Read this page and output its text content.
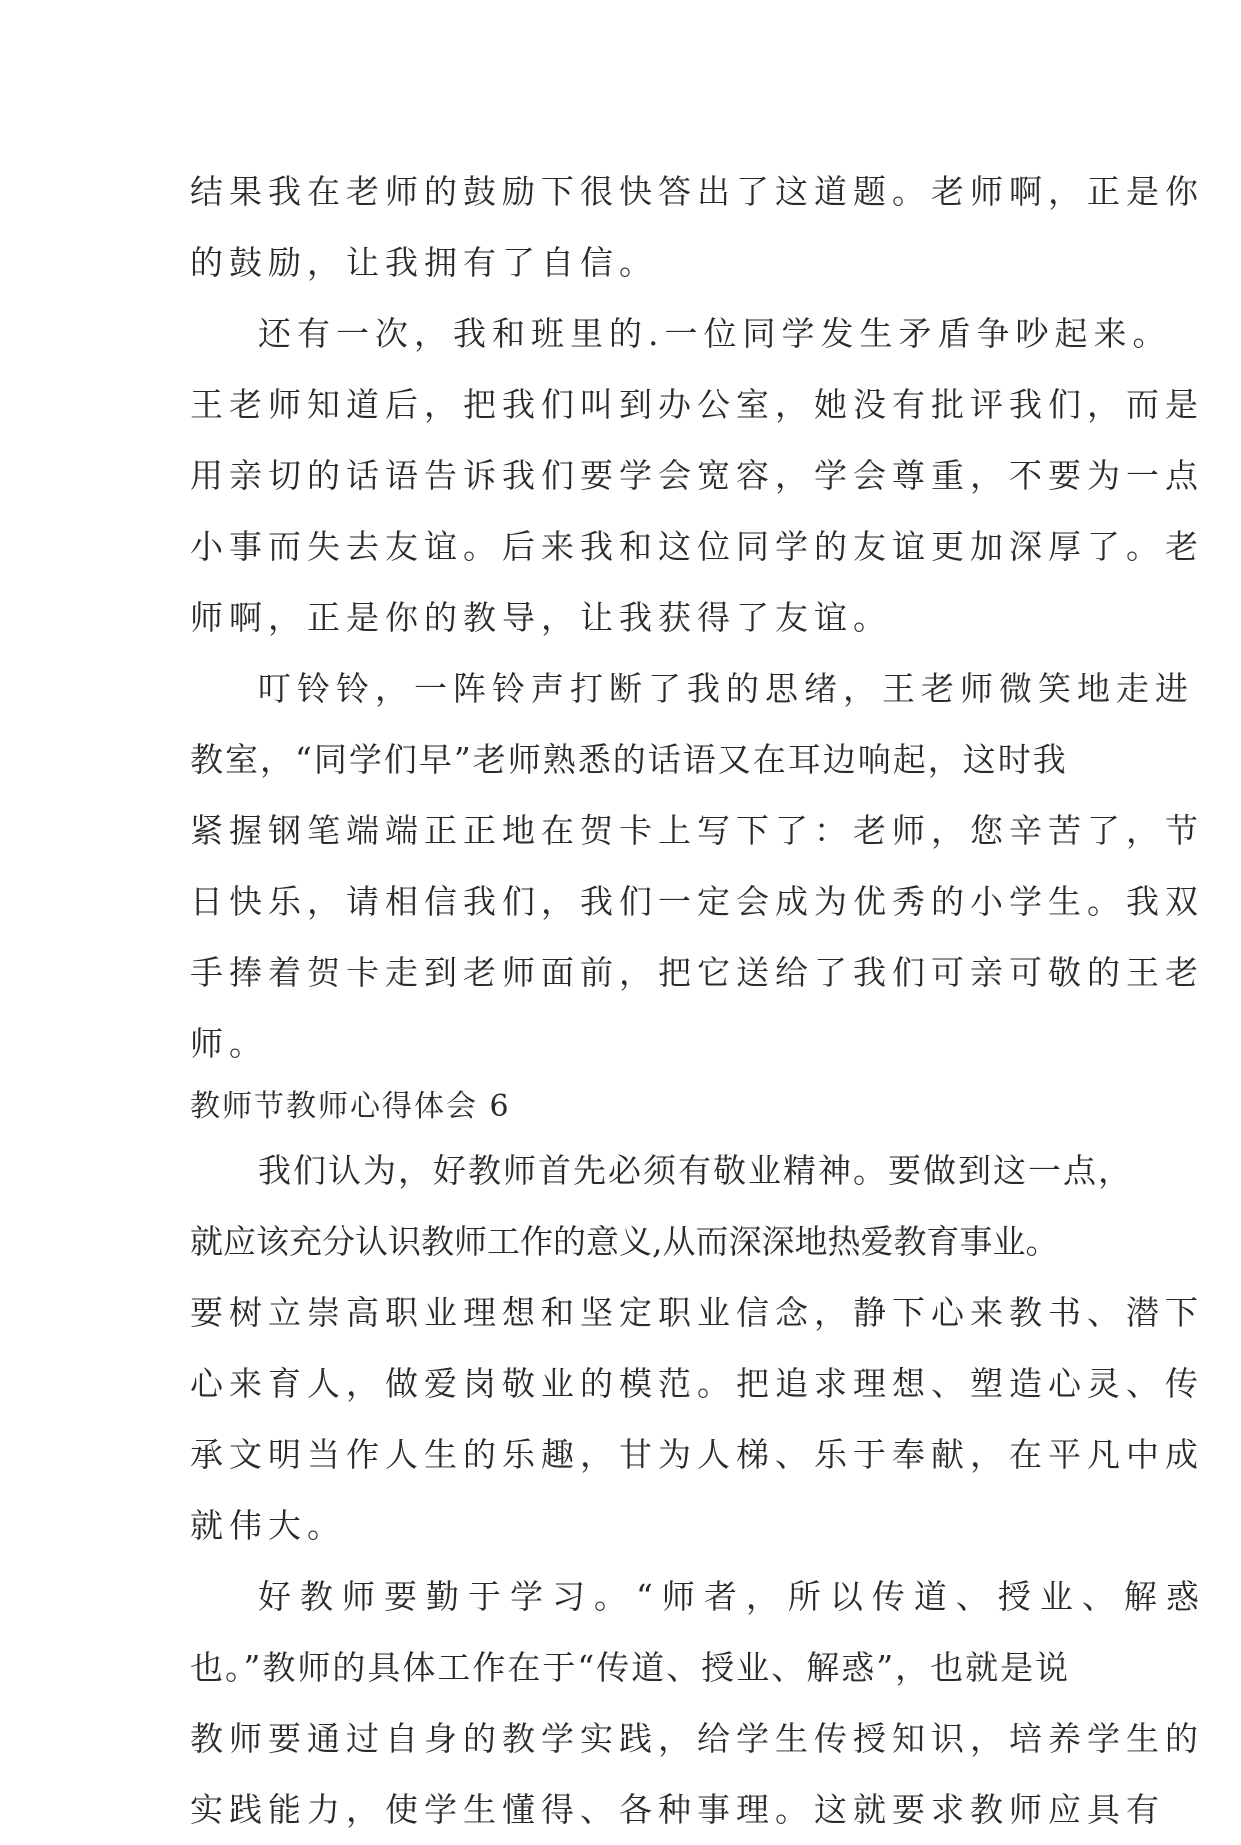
结果我在老师的鼓励下很快答出了这道题。老师啊，正是你
的鼓励，让我拥有了自信。
还有一次，我和班里的.一位同学发生矛盾争吵起来。
王老师知道后，把我们叫到办公室，她没有批评我们，而是
用亲切的话语告诉我们要学会宽容，学会尊重，不要为一点
小事而失去友谊。后来我和这位同学的友谊更加深厚了。老
师啊，正是你的教导，让我获得了友谊。
叮铃铃，一阵铃声打断了我的思绪，王老师微笑地走进
教室，“同学们早”老师熟悉的话语又在耳边响起，这时我
紧握钢笔端端正正地在贺卡上写下了：老师，您辛苦了，节
日快乐，请相信我们，我们一定会成为优秀的小学生。我双
手捧着贺卡走到老师面前，把它送给了我们可亲可敬的王老
师。
教师节教师心得体会 6
我们认为，好教师首先必须有敬业精神。要做到这一点，
就应该充分认识教师工作的意义,从而深深地热爱教育事业。
要树立崇高职业理想和坚定职业信念，静下心来教书、潜下
心来育人，做爱岗敬业的模范。把追求理想、塑造心灵、传
承文明当作人生的乐趣，甘为人梯、乐于奉献，在平凡中成
就伟大。
好教师要勤于学习。“师者，所以传道、授业、解惑
也。”教师的具体工作在于“传道、授业、解惑”，也就是说
教师要通过自身的教学实践，给学生传授知识，培养学生的
实践能力，使学生懂得、各种事理。这就要求教师应具有
